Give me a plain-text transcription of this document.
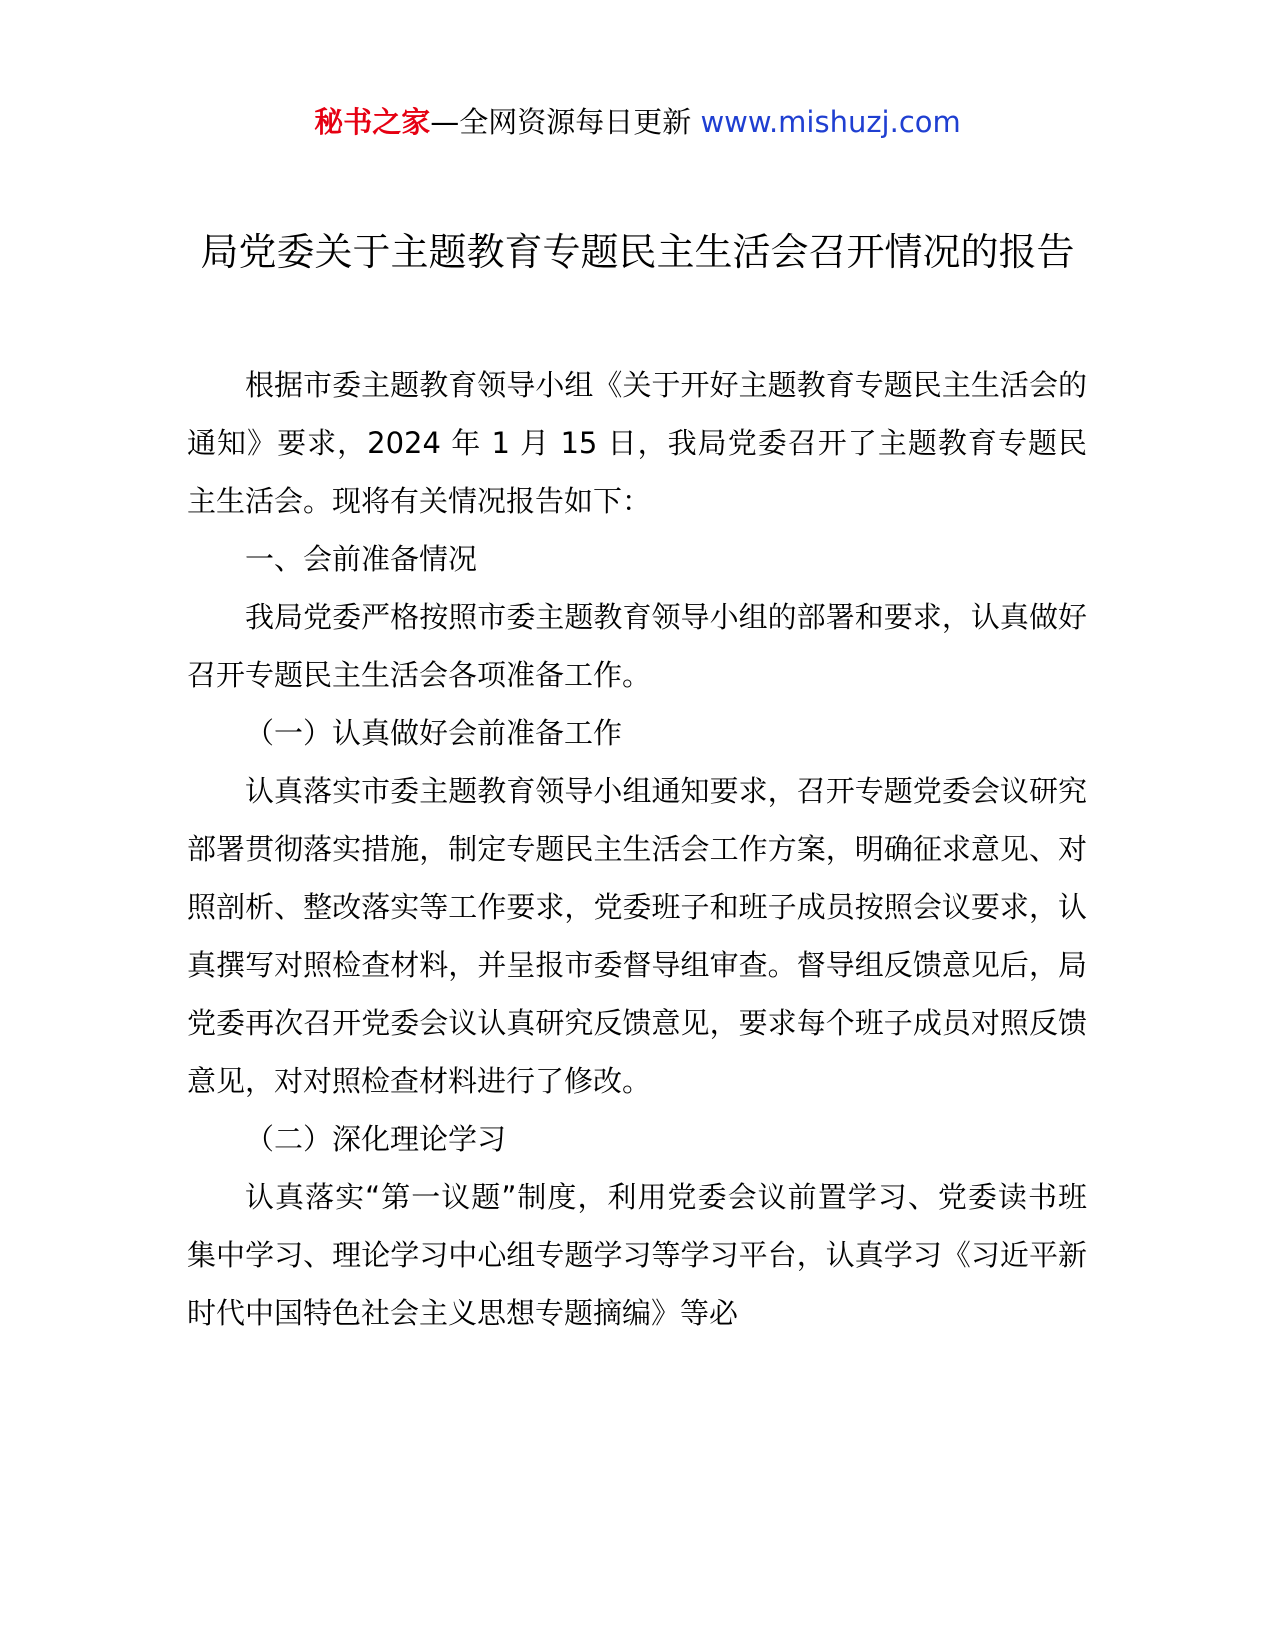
秘书之家—全网资源每日更新 www.mishuzj.com
局党委关于主题教育专题民主生活会召开情况的报告

根据市委主题教育领导小组《关于开好主题教育专题民主生活会的通知》要求，2024 年 1 月 15 日，我局党委召开了主题教育专题民主生活会。现将有关情况报告如下：

一、会前准备情况

我局党委严格按照市委主题教育领导小组的部署和要求，认真做好召开专题民主生活会各项准备工作。

（一）认真做好会前准备工作

认真落实市委主题教育领导小组通知要求，召开专题党委会议研究部署贯彻落实措施，制定专题民主生活会工作方案，明确征求意见、对照剖析、整改落实等工作要求，党委班子和班子成员按照会议要求，认真撰写对照检查材料，并呈报市委督导组审查。督导组反馈意见后，局党委再次召开党委会议认真研究反馈意见，要求每个班子成员对照反馈意见，对对照检查材料进行了修改。

（二）深化理论学习

认真落实“第一议题”制度，利用党委会议前置学习、党委读书班集中学习、理论学习中心组专题学习等学习平台，认真学习《习近平新时代中国特色社会主义思想专题摘编》等必
